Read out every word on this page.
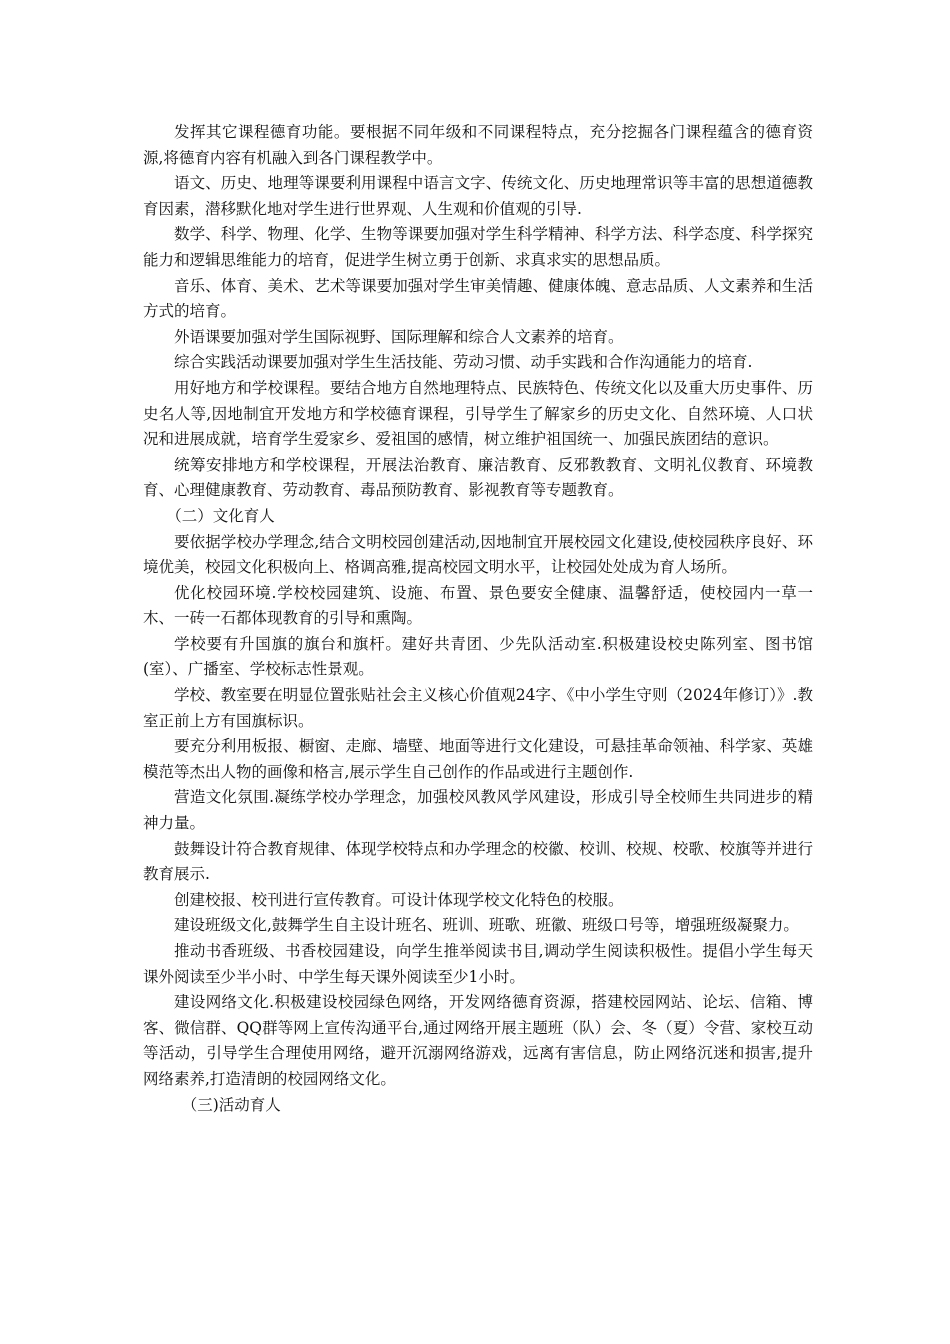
发挥其它课程德育功能。要根据不同年级和不同课程特点，充分挖掘各门课程蕴含的德育资源,将德育内容有机融入到各门课程教学中。

语文、历史、地理等课要利用课程中语言文字、传统文化、历史地理常识等丰富的思想道德教育因素，潜移默化地对学生进行世界观、人生观和价值观的引导.

数学、科学、物理、化学、生物等课要加强对学生科学精神、科学方法、科学态度、科学探究能力和逻辑思维能力的培育，促进学生树立勇于创新、求真求实的思想品质。

音乐、体育、美术、艺术等课要加强对学生审美情趣、健康体魄、意志品质、人文素养和生活方式的培育。

外语课要加强对学生国际视野、国际理解和综合人文素养的培育。

综合实践活动课要加强对学生生活技能、劳动习惯、动手实践和合作沟通能力的培育.

用好地方和学校课程。要结合地方自然地理特点、民族特色、传统文化以及重大历史事件、历史名人等,因地制宜开发地方和学校德育课程，引导学生了解家乡的历史文化、自然环境、人口状况和进展成就，培育学生爱家乡、爱祖国的感情，树立维护祖国统一、加强民族团结的意识。

统筹安排地方和学校课程，开展法治教育、廉洁教育、反邪教教育、文明礼仪教育、环境教育、心理健康教育、劳动教育、毒品预防教育、影视教育等专题教育。

（二）文化育人

要依据学校办学理念,结合文明校园创建活动,因地制宜开展校园文化建设,使校园秩序良好、环境优美，校园文化积极向上、格调高雅,提高校园文明水平，让校园处处成为育人场所。

优化校园环境.学校校园建筑、设施、布置、景色要安全健康、温馨舒适，使校园内一草一木、一砖一石都体现教育的引导和熏陶。

学校要有升国旗的旗台和旗杆。建好共青团、少先队活动室.积极建设校史陈列室、图书馆(室）、广播室、学校标志性景观。

学校、教室要在明显位置张贴社会主义核心价值观24字、《中小学生守则（2024年修订）》.教室正前上方有国旗标识。

要充分利用板报、橱窗、走廊、墙壁、地面等进行文化建设，可悬挂革命领袖、科学家、英雄模范等杰出人物的画像和格言,展示学生自己创作的作品或进行主题创作.

营造文化氛围.凝练学校办学理念，加强校风教风学风建设，形成引导全校师生共同进步的精神力量。

鼓舞设计符合教育规律、体现学校特点和办学理念的校徽、校训、校规、校歌、校旗等并进行教育展示.

创建校报、校刊进行宣传教育。可设计体现学校文化特色的校服。

建设班级文化,鼓舞学生自主设计班名、班训、班歌、班徽、班级口号等，增强班级凝聚力。

推动书香班级、书香校园建设，向学生推举阅读书目,调动学生阅读积极性。提倡小学生每天课外阅读至少半小时、中学生每天课外阅读至少1小时。

建设网络文化.积极建设校园绿色网络，开发网络德育资源，搭建校园网站、论坛、信箱、博客、微信群、QQ群等网上宣传沟通平台,通过网络开展主题班（队）会、冬（夏）令营、家校互动等活动，引导学生合理使用网络，避开沉溺网络游戏，远离有害信息，防止网络沉迷和损害,提升网络素养,打造清朗的校园网络文化。

（三)活动育人
